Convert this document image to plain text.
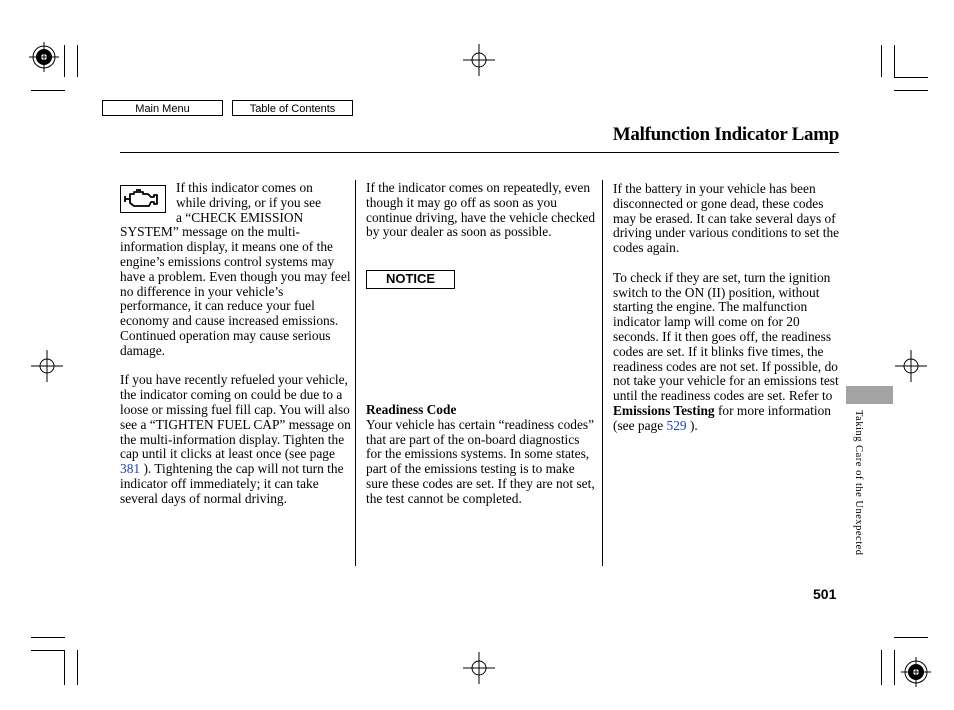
Main Menu	Table of Contents
Malfunction Indicator Lamp
If this indicator comes on
while driving, or if you see
a “CHECK EMISSION

SYSTEM” message on the multi-information display, it means one of the engine’s emissions control systems may have a problem. Even though you may feel no difference in your vehicle’s performance, it can reduce your fuel economy and cause increased emissions. Continued operation may cause serious damage.

If you have recently refueled your vehicle, the indicator coming on could be due to a loose or missing fuel fill cap. You will also see a “TIGHTEN FUEL CAP” message on the multi-information display. Tighten the cap until it clicks at least once (see page 381 ). Tightening the cap will not turn the indicator off immediately; it can take several days of normal driving.

If the indicator comes on repeatedly, even though it may go off as soon as you continue driving, have the vehicle checked by your dealer as soon as possible.

NOTICE

Readiness Code

Your vehicle has certain “readiness codes” that are part of the on-board diagnostics for the emissions systems. In some states, part of the emissions testing is to make sure these codes are set. If they are not set, the test cannot be completed.

If the battery in your vehicle has been disconnected or gone dead, these codes may be erased. It can take several days of driving under various conditions to set the codes again.

To check if they are set, turn the ignition switch to the ON (II) position, without starting the engine. The malfunction indicator lamp will come on for 20 seconds. If it then goes off, the readiness codes are set. If it blinks five times, the readiness codes are not set. If possible, do not take your vehicle for an emissions test until the readiness codes are set. Refer to Emissions Testing for more information (see page 529 ).	Taking Care of the Unexpected
501
